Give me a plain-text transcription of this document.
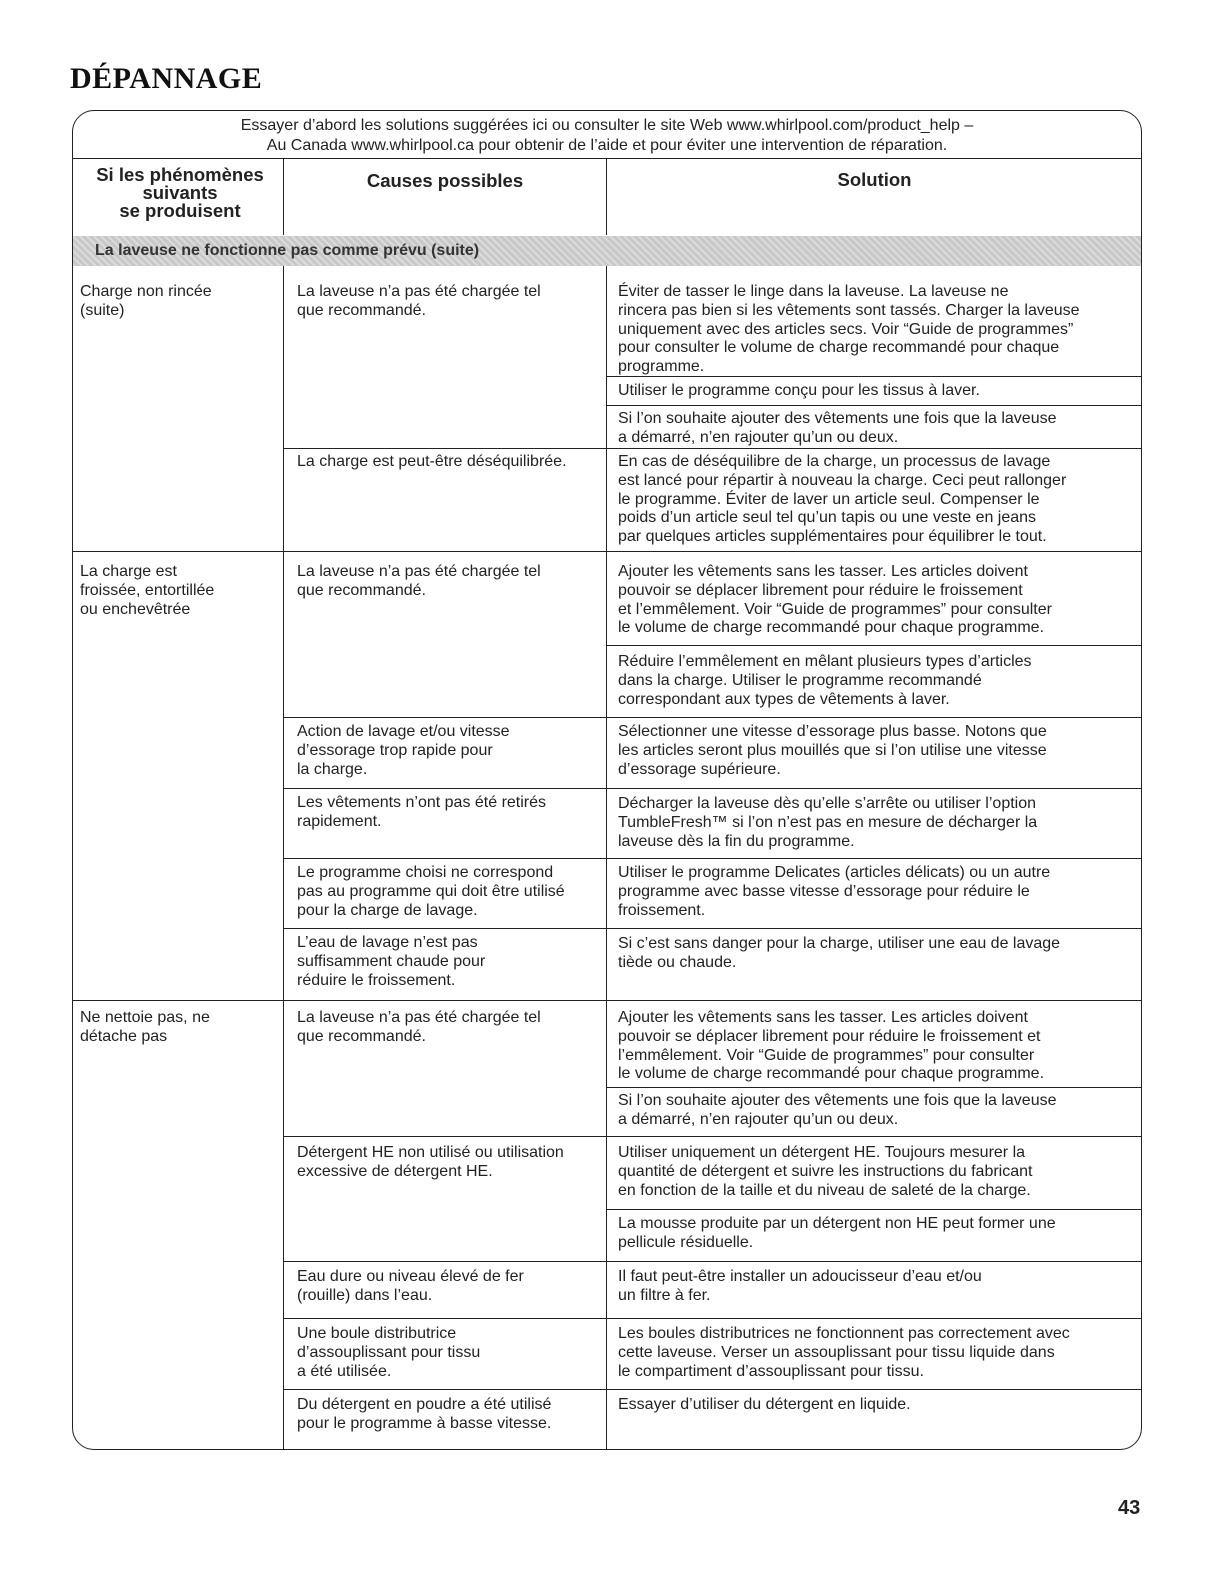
DÉPANNAGE
Essayer d’abord les solutions suggérées ici ou consulter le site Web www.whirlpool.com/product_help –
Au Canada www.whirlpool.ca pour obtenir de l’aide et pour éviter une intervention de réparation.
Si les phénomènes
suivants
se produisent
Causes possibles	Solution
La laveuse ne fonctionne pas comme prévu (suite)
Charge non rincée
(suite)
La charge est
froissée, entortillée
ou enchevêtrée
Ne nettoie pas, ne
détache pas
La laveuse n’a pas été chargée tel
que recommandé.
La charge est peut-être déséquilibrée.
La laveuse n’a pas été chargée tel
que recommandé.
Action de lavage et/ou vitesse
d’essorage trop rapide pour
la charge.
Les vêtements n’ont pas été retirés
rapidement.
Le programme choisi ne correspond
pas au programme qui doit être utilisé
pour la charge de lavage.
L’eau de lavage n’est pas
suffisamment chaude pour
réduire le froissement.
La laveuse n’a pas été chargée tel
que recommandé.
Détergent HE non utilisé ou utilisation
excessive de détergent HE.
Eau dure ou niveau élevé de fer
(rouille) dans l’eau.
Une boule distributrice
d’assouplissant pour tissu
a été utilisée.
Du détergent en poudre a été utilisé
pour le programme à basse vitesse.
Éviter de tasser le linge dans la laveuse. La laveuse ne
rincera pas bien si les vêtements sont tassés. Charger la laveuse
uniquement avec des articles secs. Voir “Guide de programmes”
pour consulter le volume de charge recommandé pour chaque
programme.
Utiliser le programme conçu pour les tissus à laver.
Si l’on souhaite ajouter des vêtements une fois que la laveuse
a démarré, n’en rajouter qu’un ou deux.
En cas de déséquilibre de la charge, un processus de lavage
est lancé pour répartir à nouveau la charge. Ceci peut rallonger
le programme. Éviter de laver un article seul. Compenser le
poids d’un article seul tel qu’un tapis ou une veste en jeans
par quelques articles supplémentaires pour équilibrer le tout.
Ajouter les vêtements sans les tasser. Les articles doivent
pouvoir se déplacer librement pour réduire le froissement
et l’emmêlement. Voir “Guide de programmes” pour consulter
le volume de charge recommandé pour chaque programme.
Réduire l’emmêlement en mêlant plusieurs types d’articles
dans la charge. Utiliser le programme recommandé
correspondant aux types de vêtements à laver.
Sélectionner une vitesse d’essorage plus basse. Notons que
les articles seront plus mouillés que si l’on utilise une vitesse
d’essorage supérieure.
Décharger la laveuse dès qu’elle s’arrête ou utiliser l’option
TumbleFresh™ si l’on n’est pas en mesure de décharger la
laveuse dès la fin du programme.
Utiliser le programme Delicates (articles délicats) ou un autre
programme avec basse vitesse d’essorage pour réduire le
froissement.
Si c’est sans danger pour la charge, utiliser une eau de lavage
tiède ou chaude.
Ajouter les vêtements sans les tasser. Les articles doivent
pouvoir se déplacer librement pour réduire le froissement et
l’emmêlement. Voir “Guide de programmes” pour consulter
le volume de charge recommandé pour chaque programme.
Si l’on souhaite ajouter des vêtements une fois que la laveuse
a démarré, n’en rajouter qu’un ou deux.
Utiliser uniquement un détergent HE. Toujours mesurer la
quantité de détergent et suivre les instructions du fabricant
en fonction de la taille et du niveau de saleté de la charge.
La mousse produite par un détergent non HE peut former une
pellicule résiduelle.
Il faut peut-être installer un adoucisseur d’eau et/ou
un filtre à fer.
Les boules distributrices ne fonctionnent pas correctement avec
cette laveuse. Verser un assouplissant pour tissu liquide dans
le compartiment d’assouplissant pour tissu.
Essayer d’utiliser du détergent en liquide.
43
